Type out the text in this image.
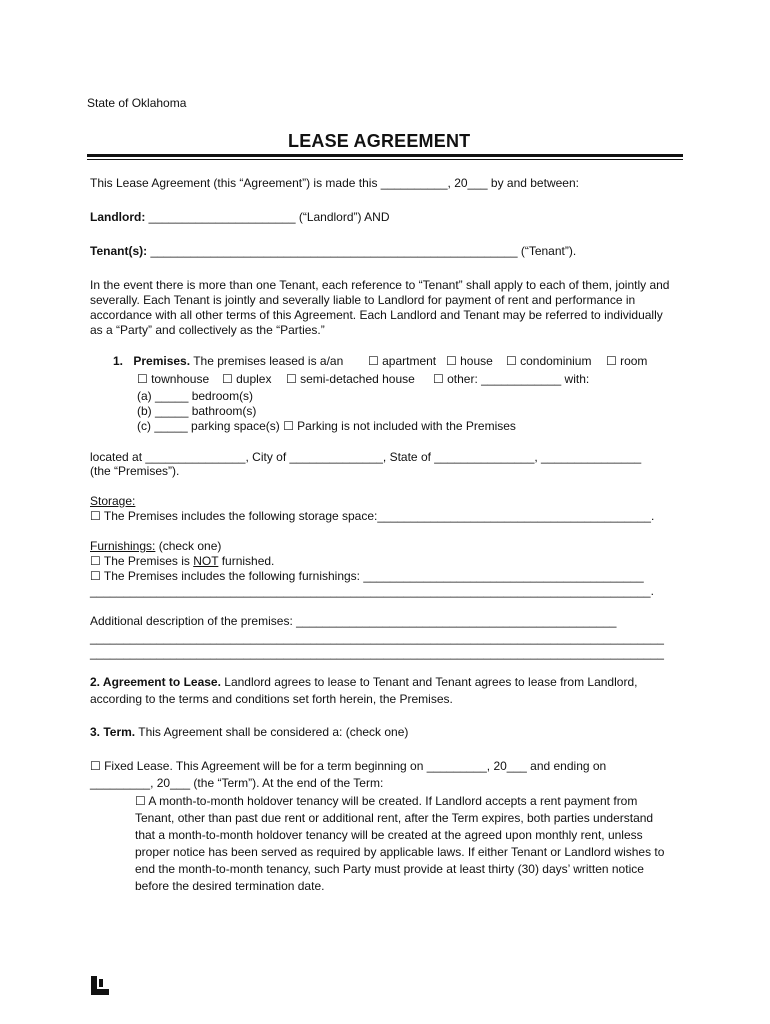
State of Oklahoma
LEASE AGREEMENT
This Lease Agreement (this “Agreement”) is made this __________, 20___ by and between:
Landlord: ______________________ (“Landlord”) AND
Tenant(s): _______________________________________________________ (“Tenant”).
In the event there is more than one Tenant, each reference to “Tenant” shall apply to each of them, jointly and severally. Each Tenant is jointly and severally liable to Landlord for payment of rent and performance in accordance with all other terms of this Agreement. Each Landlord and Tenant may be referred to individually as a “Party” and collectively as the “Parties.”
1. Premises. The premises leased is a/an ☐ apartment ☐ house ☐ condominium ☐ room
☐ townhouse ☐ duplex ☐ semi-detached house ☐ other: ____________ with:
(a) _____ bedroom(s)
(b) _____ bathroom(s)
(c) _____ parking space(s) ☐ Parking is not included with the Premises
located at _______________, City of ______________, State of _______________, _______________
(the “Premises”).
Storage:
☐ The Premises includes the following storage space:_________________________________________.
Furnishings: (check one)
☐ The Premises is NOT furnished.
☐ The Premises includes the following furnishings: __________________________________________
____________________________________________________________________________________.
Additional description of the premises: ________________________________________________
______________________________________________________________________________________
______________________________________________________________________________________
2. Agreement to Lease. Landlord agrees to lease to Tenant and Tenant agrees to lease from Landlord, according to the terms and conditions set forth herein, the Premises.
3. Term. This Agreement shall be considered a: (check one)
☐ Fixed Lease. This Agreement will be for a term beginning on _________, 20___ and ending on
_________, 20___ (the “Term”). At the end of the Term:
☐ A month-to-month holdover tenancy will be created. If Landlord accepts a rent payment from Tenant, other than past due rent or additional rent, after the Term expires, both parties understand that a month-to-month holdover tenancy will be created at the agreed upon monthly rent, unless proper notice has been served as required by applicable laws. If either Tenant or Landlord wishes to end the month-to-month tenancy, such Party must provide at least thirty (30) days’ written notice before the desired termination date.
